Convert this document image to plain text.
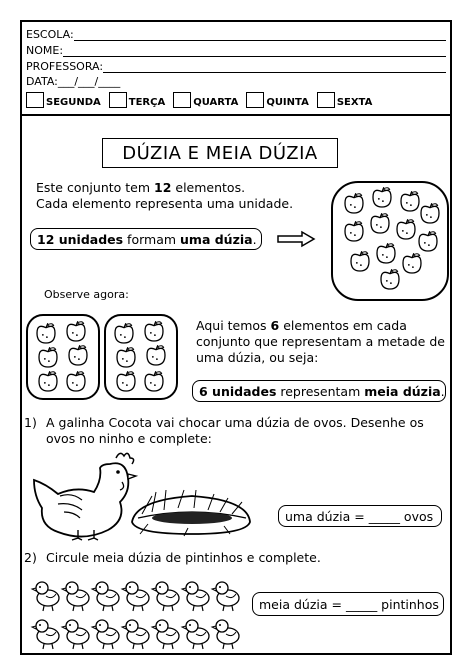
ESCOLA:
NOME:
PROFESSORA:
DATA:___/___/____
SEGUNDA	TERÇA	QUARTA	QUINTA	SEXTA
DÚZIA E MEIA DÚZIA
Este conjunto tem 12 elementos.
Cada elemento representa uma unidade.
12 unidades formam uma dúzia .
Observe agora:
Aqui temos 6 elementos em cada conjunto que representam a metade de uma dúzia, ou seja:
6 unidades representam meia dúzia .
1) A galinha Cocota vai chocar uma dúzia de ovos. Desenhe os ovos no ninho e complete:
uma dúzia = _____ ovos
2) Circule meia dúzia de pintinhos e complete.
meia dúzia = _____ pintinhos
